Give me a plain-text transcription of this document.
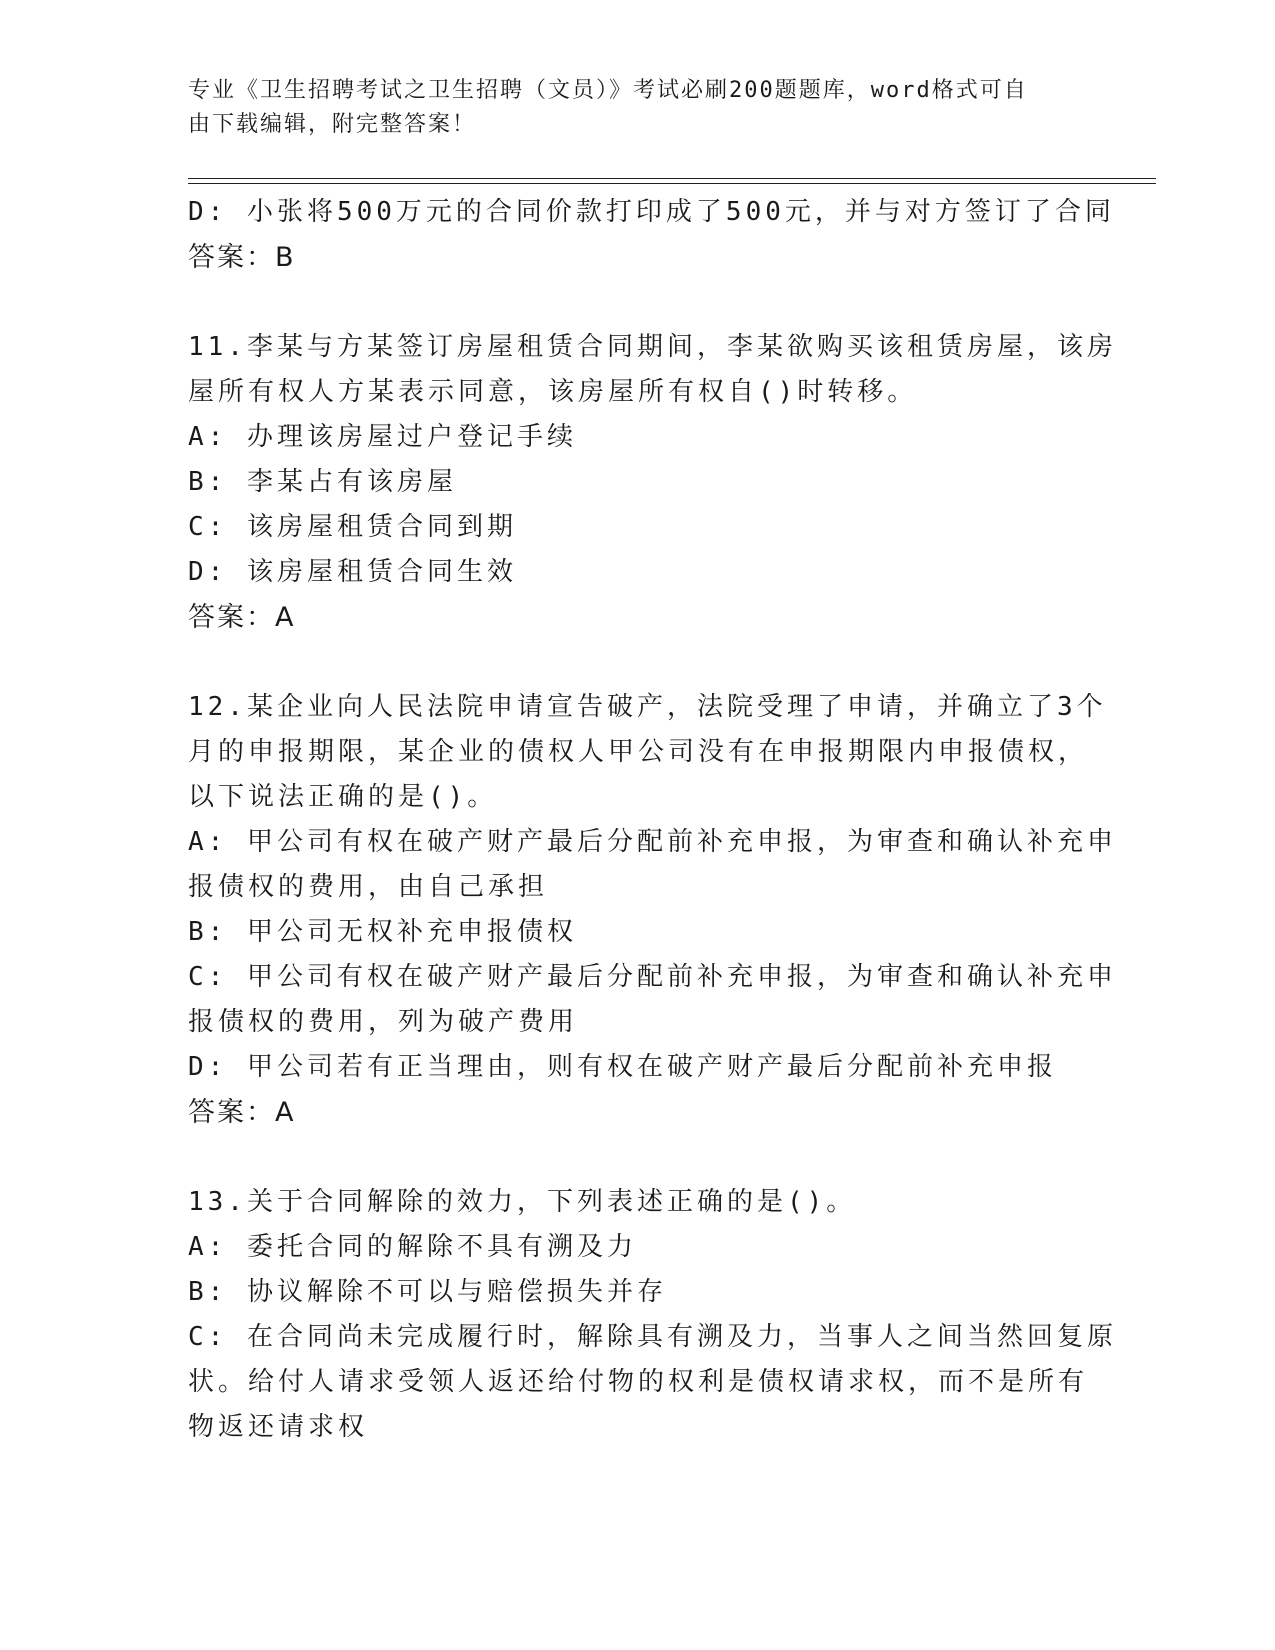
专业《卫生招聘考试之卫生招聘（文员）》考试必刷200题题库，word格式可自
由下载编辑，附完整答案！
D: 小张将500万元的合同价款打印成了500元，并与对方签订了合同
答案：B
11.李某与方某签订房屋租赁合同期间，李某欲购买该租赁房屋，该房
屋所有权人方某表示同意，该房屋所有权自()时转移。
A: 办理该房屋过户登记手续
B: 李某占有该房屋
C: 该房屋租赁合同到期
D: 该房屋租赁合同生效
答案：A
12.某企业向人民法院申请宣告破产，法院受理了申请，并确立了3个
月的申报期限，某企业的债权人甲公司没有在申报期限内申报债权，
以下说法正确的是()。
A: 甲公司有权在破产财产最后分配前补充申报，为审查和确认补充申
报债权的费用，由自己承担
B: 甲公司无权补充申报债权
C: 甲公司有权在破产财产最后分配前补充申报，为审查和确认补充申
报债权的费用，列为破产费用
D: 甲公司若有正当理由，则有权在破产财产最后分配前补充申报
答案：A
13.关于合同解除的效力，下列表述正确的是()。
A: 委托合同的解除不具有溯及力
B: 协议解除不可以与赔偿损失并存
C: 在合同尚未完成履行时，解除具有溯及力，当事人之间当然回复原
状。给付人请求受领人返还给付物的权利是债权请求权，而不是所有
物返还请求权
